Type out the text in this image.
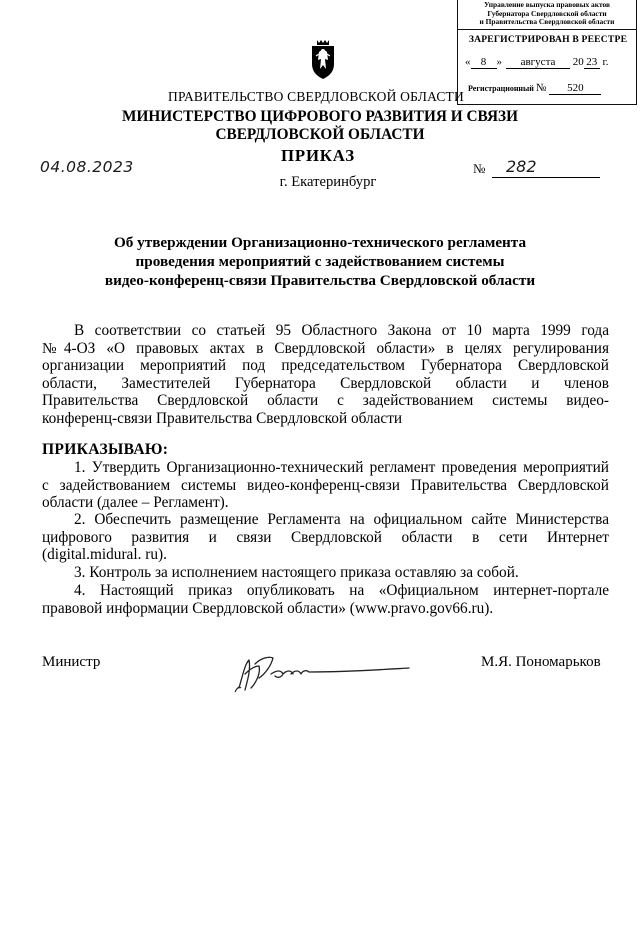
Управление выпуска правовых актов
Губернатора Свердловской области
и Правительства Свердловской области
ЗАРЕГИСТРИРОВАН В РЕЕСТРЕ
« 8 » августа 20 23 г.
Регистрационный № 520
ПРАВИТЕЛЬСТВО СВЕРДЛОВСКОЙ ОБЛАСТИ
МИНИСТЕРСТВО ЦИФРОВОГО РАЗВИТИЯ И СВЯЗИ
СВЕРДЛОВСКОЙ ОБЛАСТИ
ПРИКАЗ
04.08.2023	№ 282
г. Екатеринбург
Об утверждении Организационно-технического регламента
проведения мероприятий с задействованием системы
видео-конференц-связи Правительства Свердловской области
В соответствии со статьей 95 Областного Закона от 10 марта 1999 года
№4-ОЗ «О правовых актах в Свердловской области» в целях регулирования
организации мероприятий под председательством Губернатора Свердловской
области, Заместителей Губернатора Свердловской области и членов
Правительства Свердловской области с задействованием системы видео-
конференц-связи Правительства Свердловской области
ПРИКАЗЫВАЮ:
1. Утвердить Организационно-технический регламент проведения мероприятий
с задействованием системы видео-конференц-связи Правительства Свердловской
области (далее – Регламент).
2. Обеспечить размещение Регламента на официальном сайте Министерства
цифрового развития и связи Свердловской области в сети Интернет
(digital.midural. ru).
3. Контроль за исполнением настоящего приказа оставляю за собой.
4. Настоящий приказ опубликовать на «Официальном интернет-портале
правовой информации Свердловской области» (www.pravo.gov66.ru).
Министр	М.Я. Пономарьков
